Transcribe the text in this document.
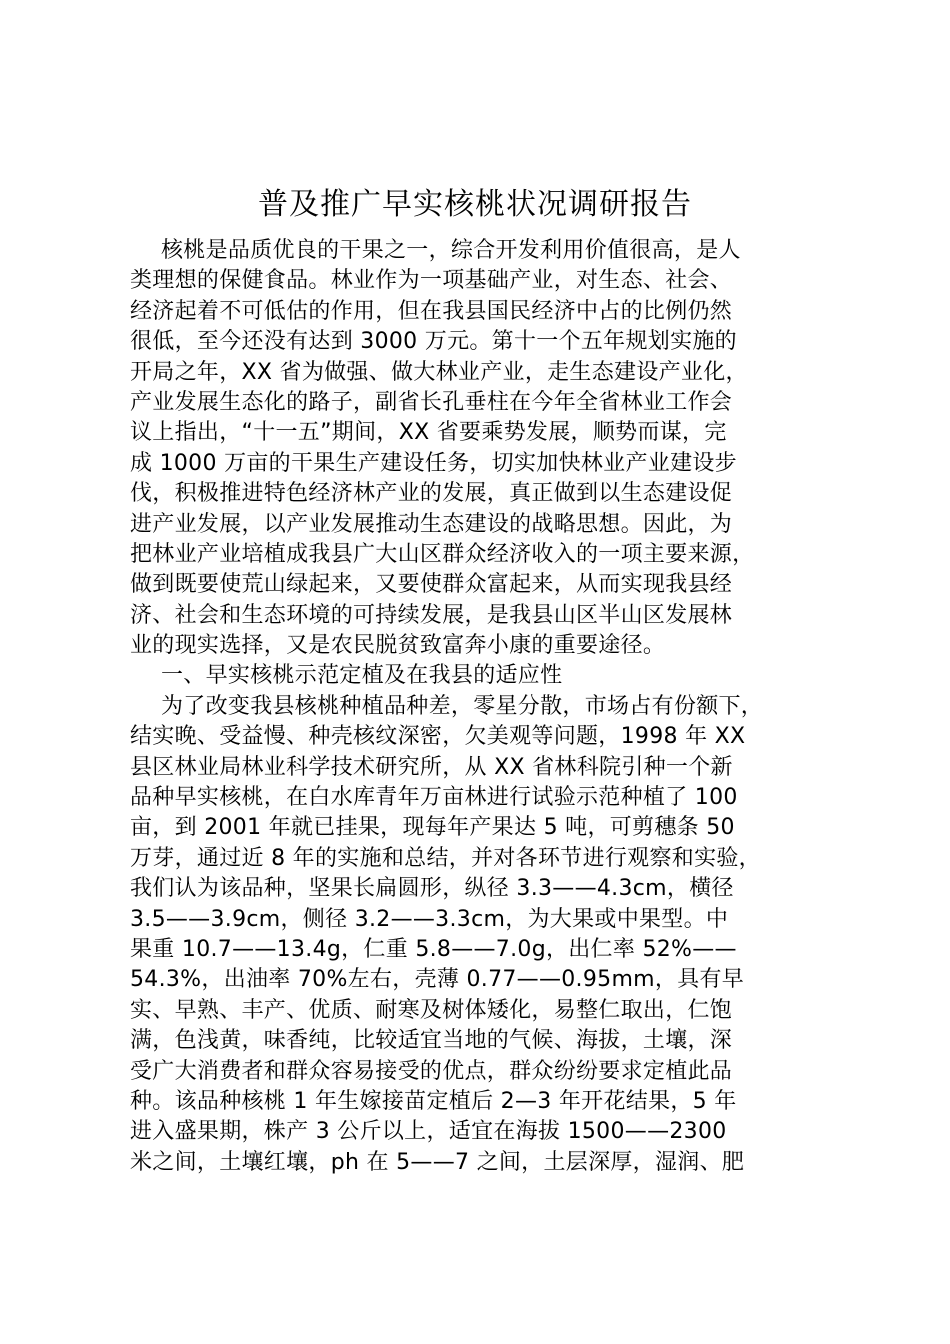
普及推广早实核桃状况调研报告
核桃是品质优良的干果之一，综合开发利用价值很高，是人
类理想的保健食品。林业作为一项基础产业，对生态、社会、
经济起着不可低估的作用，但在我县国民经济中占的比例仍然
很低，至今还没有达到 3000 万元。第十一个五年规划实施的
开局之年，XX 省为做强、做大林业产业，走生态建设产业化，
产业发展生态化的路子，副省长孔垂柱在今年全省林业工作会
议上指出，“十一五”期间，XX 省要乘势发展，顺势而谋，完
成 1000 万亩的干果生产建设任务，切实加快林业产业建设步
伐，积极推进特色经济林产业的发展，真正做到以生态建设促
进产业发展，以产业发展推动生态建设的战略思想。因此，为
把林业产业培植成我县广大山区群众经济收入的一项主要来源，
做到既要使荒山绿起来，又要使群众富起来，从而实现我县经
济、社会和生态环境的可持续发展，是我县山区半山区发展林
业的现实选择，又是农民脱贫致富奔小康的重要途径。
一、早实核桃示范定植及在我县的适应性
为了改变我县核桃种植品种差，零星分散，市场占有份额下，
结实晚、受益慢、种壳核纹深密，欠美观等问题，1998 年 XX
县区林业局林业科学技术研究所，从 XX 省林科院引种一个新
品种早实核桃，在白水库青年万亩林进行试验示范种植了 100
亩，到 2001 年就已挂果，现每年产果达 5 吨，可剪穗条 50
万芽，通过近 8 年的实施和总结，并对各环节进行观察和实验，
我们认为该品种，坚果长扁圆形，纵径 3.3——4.3cm，横径
3.5——3.9cm，侧径 3.2——3.3cm，为大果或中果型。中
果重 10.7——13.4g，仁重 5.8——7.0g，出仁率 52%——
54.3%，出油率 70%左右，壳薄 0.77——0.95mm，具有早
实、早熟、丰产、优质、耐寒及树体矮化，易整仁取出，仁饱
满，色浅黄，味香纯，比较适宜当地的气候、海拔，土壤，深
受广大消费者和群众容易接受的优点，群众纷纷要求定植此品
种。该品种核桃 1 年生嫁接苗定植后 2—3 年开花结果，5 年
进入盛果期，株产 3 公斤以上，适宜在海拔 1500——2300
米之间，土壤红壤，ph 在 5——7 之间，土层深厚，湿润、肥
